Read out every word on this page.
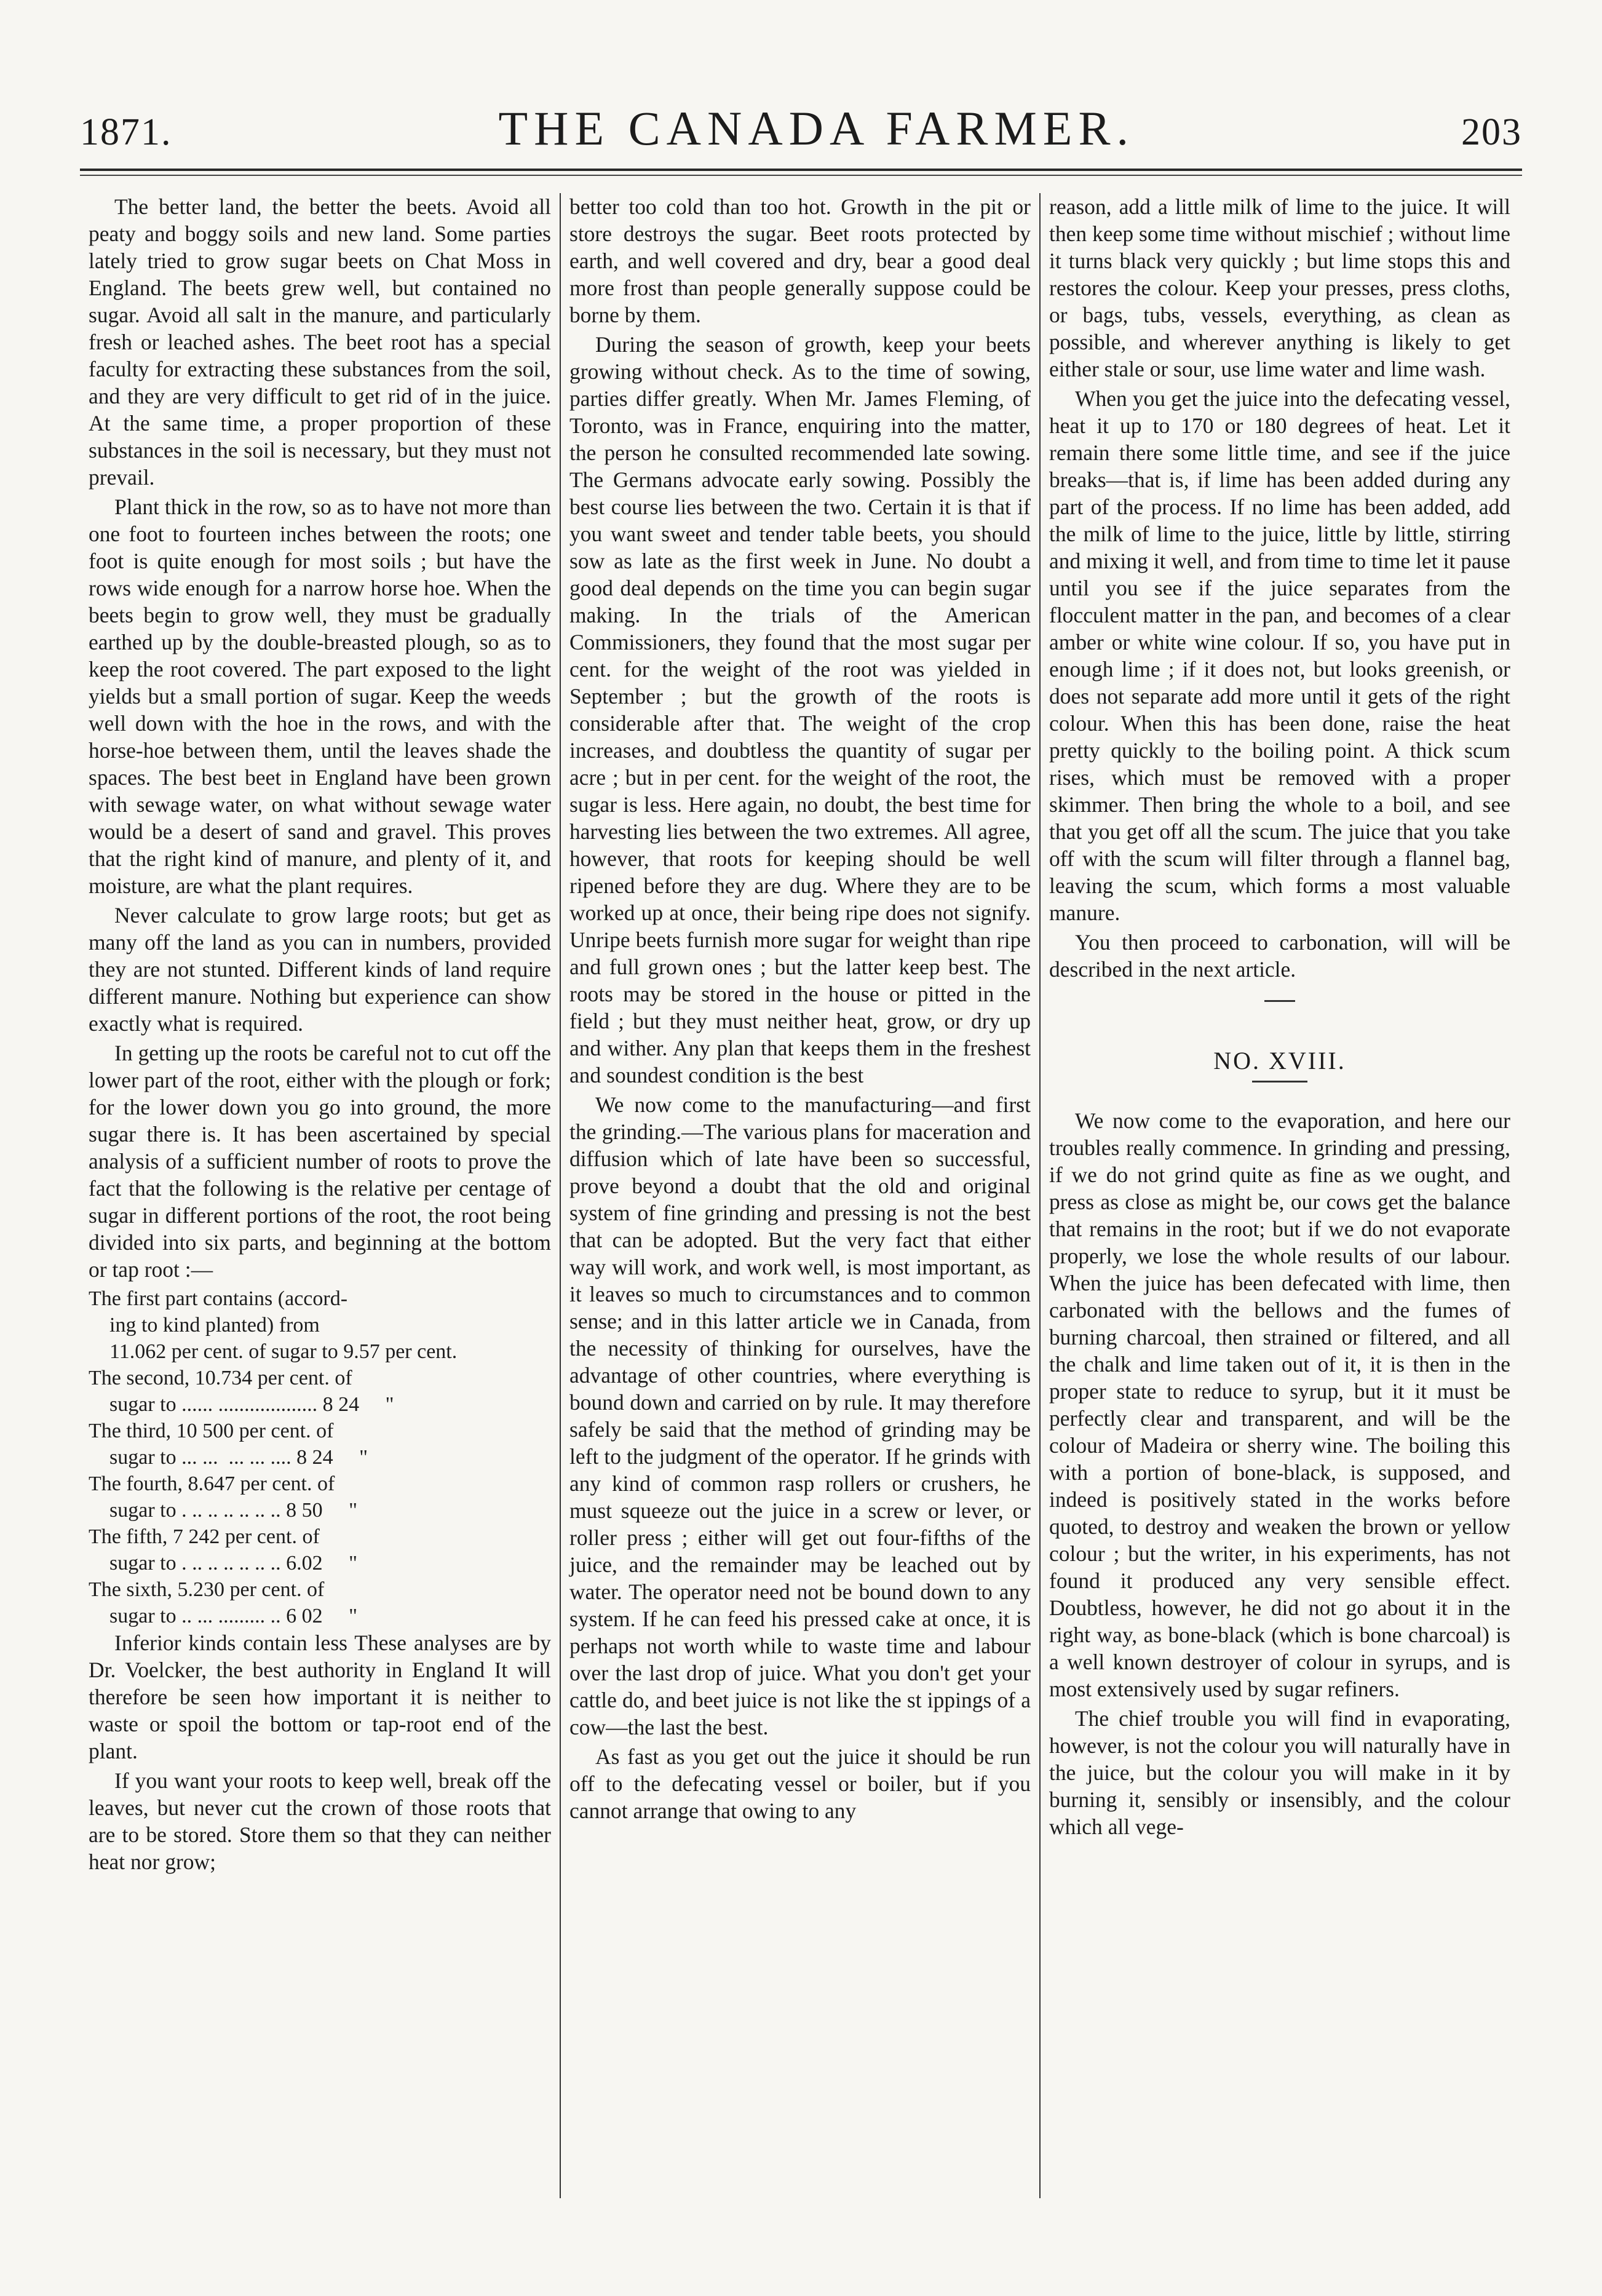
1871.	THE CANADA FARMER.	203

The better land, the better the beets. Avoid all peaty and boggy soils and new land. Some parties lately tried to grow sugar beets on Chat Moss in England. The beets grew well, but contained no sugar. Avoid all salt in the manure, and particularly fresh or leached ashes. The beet root has a special faculty for extracting these substances from the soil, and they are very difficult to get rid of in the juice. At the same time, a proper proportion of these substances in the soil is necessary, but they must not prevail.

Plant thick in the row, so as to have not more than one foot to fourteen inches between the roots; one foot is quite enough for most soils ; but have the rows wide enough for a narrow horse hoe. When the beets begin to grow well, they must be gradually earthed up by the double-breasted plough, so as to keep the root covered. The part exposed to the light yields but a small portion of sugar. Keep the weeds well down with the hoe in the rows, and with the horse-hoe between them, until the leaves shade the spaces. The best beet in England have been grown with sewage water, on what without sewage water would be a desert of sand and gravel. This proves that the right kind of manure, and plenty of it, and moisture, are what the plant requires.

Never calculate to grow large roots; but get as many off the land as you can in numbers, provided they are not stunted. Different kinds of land require different manure. Nothing but experience can show exactly what is required.

In getting up the roots be careful not to cut off the lower part of the root, either with the plough or fork; for the lower down you go into ground, the more sugar there is. It has been ascertained by special analysis of a sufficient number of roots to prove the fact that the following is the relative per centage of sugar in different portions of the root, the root being divided into six parts, and beginning at the bottom or tap root :—

The first part contains (accord-
ing to kind planted) from
11.062 per cent. of sugar to 9.57 per cent.
The second, 10.734 per cent. of
sugar to ...... ................... 8 24     "
The third, 10 500 per cent. of
sugar to ... ...  ... ... .... 8 24     "
The fourth, 8.647 per cent. of
sugar to . .. .. .. .. .. .. 8 50     "
The fifth, 7 242 per cent. of
sugar to . .. .. .. .. .. .. 6.02     "
The sixth, 5.230 per cent. of
sugar to .. ... ......... .. 6 02     "

Inferior kinds contain less These analyses are by Dr. Voelcker, the best authority in England It will therefore be seen how important it is neither to waste or spoil the bottom or tap-root end of the plant.

If you want your roots to keep well, break off the leaves, but never cut the crown of those roots that are to be stored. Store them so that they can neither heat nor grow;

better too cold than too hot. Growth in the pit or store destroys the sugar. Beet roots protected by earth, and well covered and dry, bear a good deal more frost than people generally suppose could be borne by them.

During the season of growth, keep your beets growing without check. As to the time of sowing, parties differ greatly. When Mr. James Fleming, of Toronto, was in France, enquiring into the matter, the person he consulted recommended late sowing. The Germans advocate early sowing. Possibly the best course lies between the two. Certain it is that if you want sweet and tender table beets, you should sow as late as the first week in June. No doubt a good deal depends on the time you can begin sugar making. In the trials of the American Commissioners, they found that the most sugar per cent. for the weight of the root was yielded in September ; but the growth of the roots is considerable after that. The weight of the crop increases, and doubtless the quantity of sugar per acre ; but in per cent. for the weight of the root, the sugar is less. Here again, no doubt, the best time for harvesting lies between the two extremes. All agree, however, that roots for keeping should be well ripened before they are dug. Where they are to be worked up at once, their being ripe does not signify. Unripe beets furnish more sugar for weight than ripe and full grown ones ; but the latter keep best. The roots may be stored in the house or pitted in the field ; but they must neither heat, grow, or dry up and wither. Any plan that keeps them in the freshest and soundest condition is the best

We now come to the manufacturing—and first the grinding.—The various plans for maceration and diffusion which of late have been so successful, prove beyond a doubt that the old and original system of fine grinding and pressing is not the best that can be adopted. But the very fact that either way will work, and work well, is most important, as it leaves so much to circumstances and to common sense; and in this latter article we in Canada, from the necessity of thinking for ourselves, have the advantage of other countries, where everything is bound down and carried on by rule. It may therefore safely be said that the method of grinding may be left to the judgment of the operator. If he grinds with any kind of common rasp rollers or crushers, he must squeeze out the juice in a screw or lever, or roller press ; either will get out four-fifths of the juice, and the remainder may be leached out by water. The operator need not be bound down to any system. If he can feed his pressed cake at once, it is perhaps not worth while to waste time and labour over the last drop of juice. What you don't get your cattle do, and beet juice is not like the st ippings of a cow—the last the best.

As fast as you get out the juice it should be run off to the defecating vessel or boiler, but if you cannot arrange that owing to any

reason, add a little milk of lime to the juice. It will then keep some time without mischief ; without lime it turns black very quickly ; but lime stops this and restores the colour. Keep your presses, press cloths, or bags, tubs, vessels, everything, as clean as possible, and wherever anything is likely to get either stale or sour, use lime water and lime wash.

When you get the juice into the defecating vessel, heat it up to 170 or 180 degrees of heat. Let it remain there some little time, and see if the juice breaks—that is, if lime has been added during any part of the process. If no lime has been added, add the milk of lime to the juice, little by little, stirring and mixing it well, and from time to time let it pause until you see if the juice separates from the flocculent matter in the pan, and becomes of a clear amber or white wine colour. If so, you have put in enough lime ; if it does not, but looks greenish, or does not separate add more until it gets of the right colour. When this has been done, raise the heat pretty quickly to the boiling point. A thick scum rises, which must be removed with a proper skimmer. Then bring the whole to a boil, and see that you get off all the scum. The juice that you take off with the scum will filter through a flannel bag, leaving the scum, which forms a most valuable manure.

You then proceed to carbonation, will will be described in the next article.

NO. XVIII.

We now come to the evaporation, and here our troubles really commence. In grinding and pressing, if we do not grind quite as fine as we ought, and press as close as might be, our cows get the balance that remains in the root; but if we do not evaporate properly, we lose the whole results of our labour. When the juice has been defecated with lime, then carbonated with the bellows and the fumes of burning charcoal, then strained or filtered, and all the chalk and lime taken out of it, it is then in the proper state to reduce to syrup, but it it must be perfectly clear and transparent, and will be the colour of Madeira or sherry wine. The boiling this with a portion of bone-black, is supposed, and indeed is positively stated in the works before quoted, to destroy and weaken the brown or yellow colour ; but the writer, in his experiments, has not found it produced any very sensible effect. Doubtless, however, he did not go about it in the right way, as bone-black (which is bone charcoal) is a well known destroyer of colour in syrups, and is most extensively used by sugar refiners.

The chief trouble you will find in evaporating, however, is not the colour you will naturally have in the juice, but the colour you will make in it by burning it, sensibly or insensibly, and the colour which all vege-
